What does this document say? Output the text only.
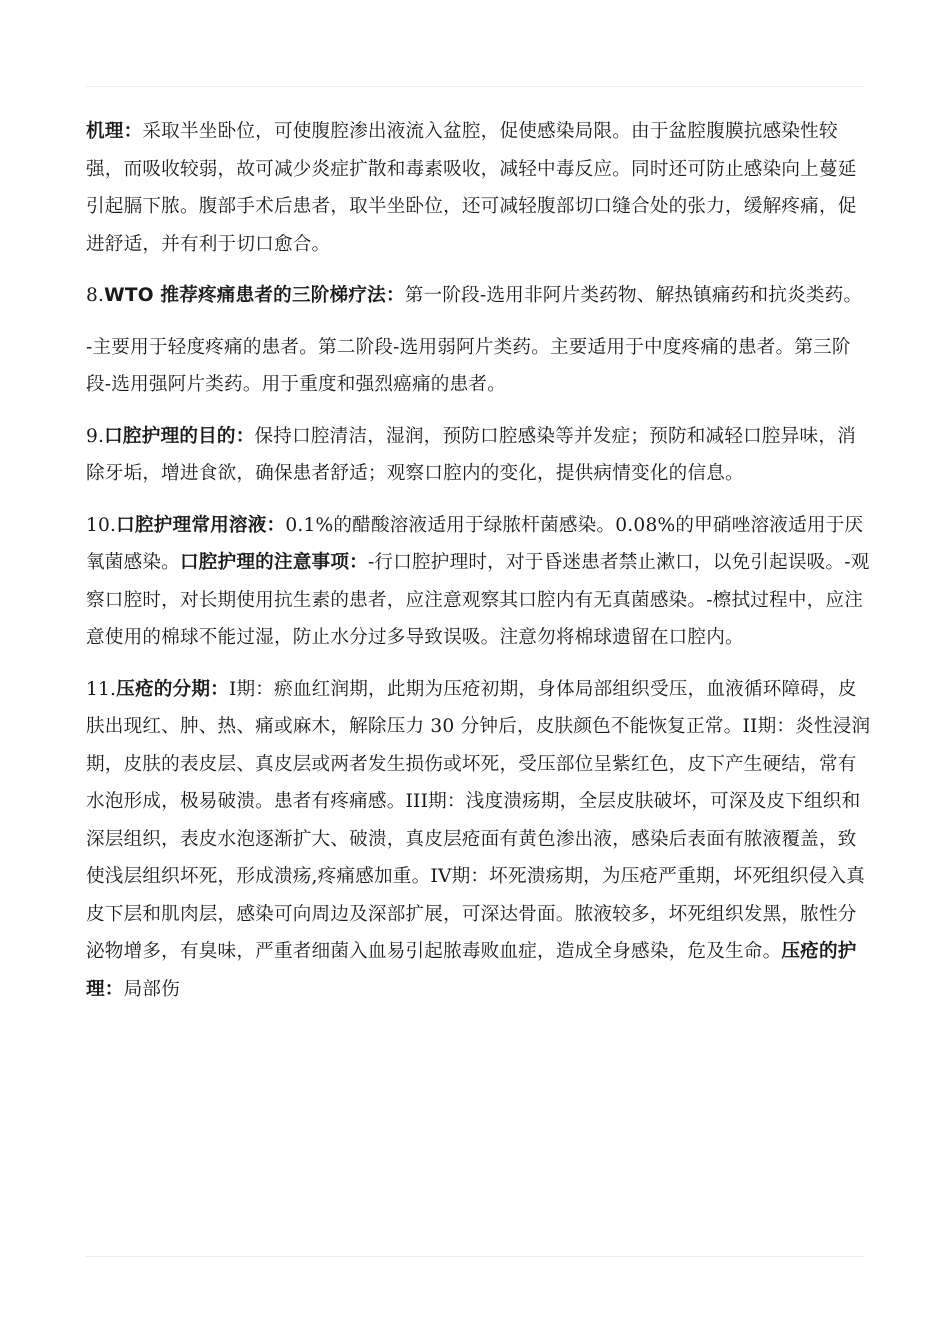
机理：采取半坐卧位，可使腹腔渗出液流入盆腔，促使感染局限。由于盆腔腹膜抗感染性较强，而吸收较弱，故可减少炎症扩散和毒素吸收，减轻中毒反应。同时还可防止感染向上蔓延引起膈下脓。腹部手术后患者，取半坐卧位，还可减轻腹部切口缝合处的张力，缓解疼痛，促进舒适，并有利于切口愈合。

8.WTO 推荐疼痛患者的三阶梯疗法：第一阶段-选用非阿片类药物、解热镇痛药和抗炎类药。

-主要用于轻度疼痛的患者。第二阶段-选用弱阿片类药。主要适用于中度疼痛的患者。第三阶段-选用强阿片类药。用于重度和强烈癌痛的患者。

9.口腔护理的目的：保持口腔清洁，湿润，预防口腔感染等并发症；预防和减轻口腔异味，消除牙垢，增进食欲，确保患者舒适；观察口腔内的变化，提供病情变化的信息。

10.口腔护理常用溶液：0.1%的醋酸溶液适用于绿脓杆菌感染。0.08%的甲硝唑溶液适用于厌氧菌感染。口腔护理的注意事项：-行口腔护理时，对于昏迷患者禁止漱口，以免引起误吸。-观察口腔时，对长期使用抗生素的患者，应注意观察其口腔内有无真菌感染。-檫拭过程中，应注意使用的棉球不能过湿，防止水分过多导致误吸。注意勿将棉球遗留在口腔内。

11.压疮的分期：I期：瘀血红润期，此期为压疮初期，身体局部组织受压，血液循环障碍，皮肤出现红、肿、热、痛或麻木，解除压力 30 分钟后，皮肤颜色不能恢复正常。II期：炎性浸润期，皮肤的表皮层、真皮层或两者发生损伤或坏死，受压部位呈紫红色，皮下产生硬结，常有水泡形成，极易破溃。患者有疼痛感。III期：浅度溃疡期，全层皮肤破坏，可深及皮下组织和深层组织，表皮水泡逐渐扩大、破溃，真皮层疮面有黄色渗出液，感染后表面有脓液覆盖，致使浅层组织坏死，形成溃疡,疼痛感加重。IV期：坏死溃疡期，为压疮严重期，坏死组织侵入真皮下层和肌肉层，感染可向周边及深部扩展，可深达骨面。脓液较多，坏死组织发黑，脓性分泌物增多，有臭味，严重者细菌入血易引起脓毒败血症，造成全身感染，危及生命。压疮的护理：局部伤
